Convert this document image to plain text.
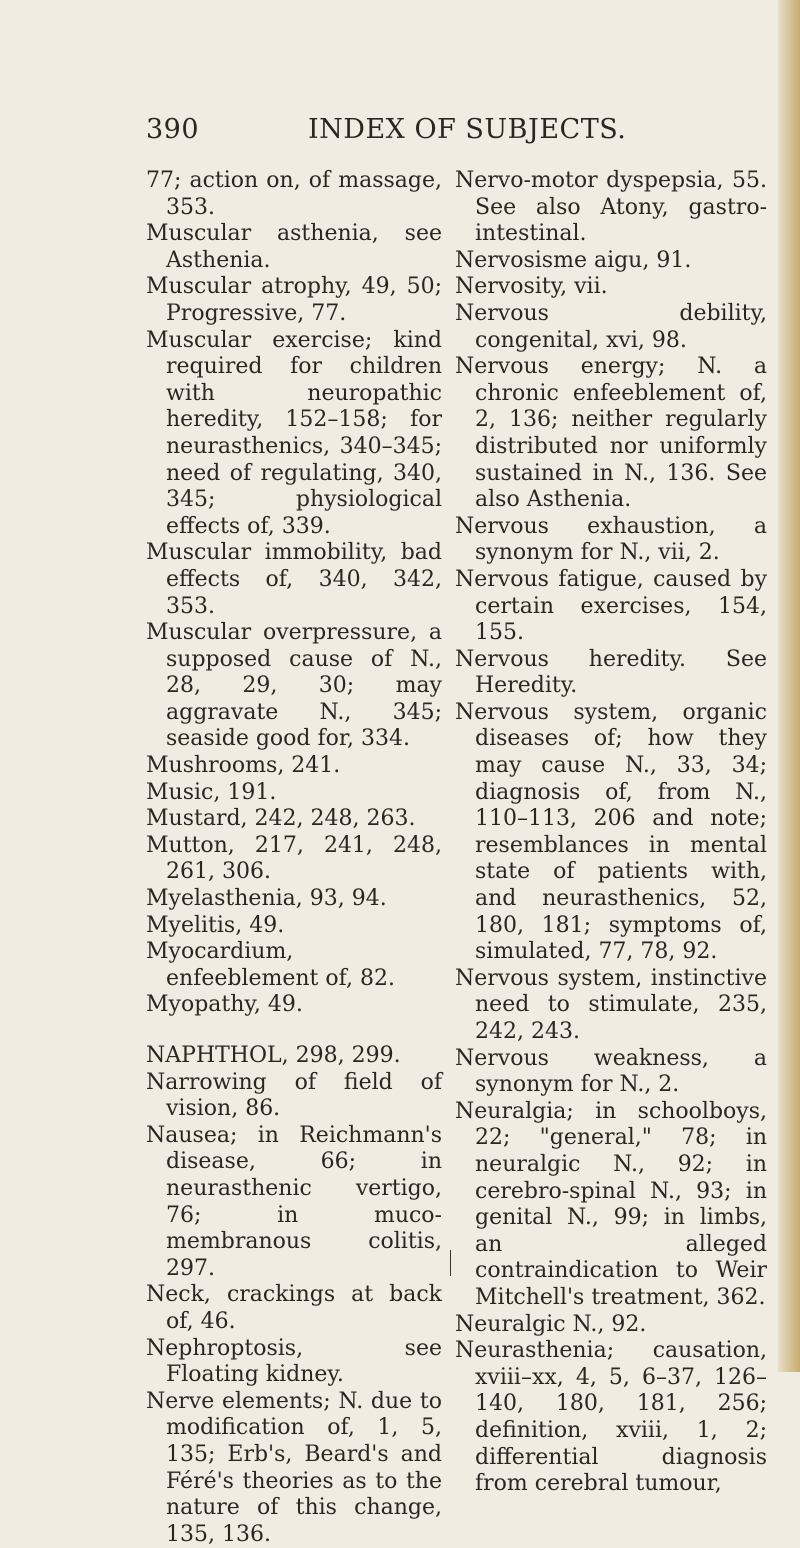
390	INDEX OF SUBJECTS.
77; action on, of massage, 353.
Muscular asthenia, see Asthenia.
Muscular atrophy, 49, 50; Progressive, 77.
Muscular exercise; kind required for children with neuropathic heredity, 152–158; for neurasthenics, 340–345; need of regulating, 340, 345; physiological effects of, 339.
Muscular immobility, bad effects of, 340, 342, 353.
Muscular overpressure, a supposed cause of N., 28, 29, 30; may aggravate N., 345; seaside good for, 334.
Mushrooms, 241.
Music, 191.
Mustard, 242, 248, 263.
Mutton, 217, 241, 248, 261, 306.
Myelasthenia, 93, 94.
Myelitis, 49.
Myocardium, enfeeblement of, 82.
Myopathy, 49.
NAPHTHOL, 298, 299.
Narrowing of field of vision, 86.
Nausea; in Reichmann's disease, 66; in neurasthenic vertigo, 76; in muco-membranous colitis, 297.
Neck, crackings at back of, 46.
Nephroptosis, see Floating kidney.
Nerve elements; N. due to modification of, 1, 5, 135; Erb's, Beard's and Féré's theories as to the nature of this change, 135, 136.
Nervo-motor dyspepsia, 55. See also Atony, gastro-intestinal.
Nervosisme aigu, 91.
Nervosity, vii.
Nervous debility, congenital, xvi, 98.
Nervous energy; N. a chronic enfeeblement of, 2, 136; neither regularly distributed nor uniformly sustained in N., 136. See also Asthenia.
Nervous exhaustion, a synonym for N., vii, 2.
Nervous fatigue, caused by certain exercises, 154, 155.
Nervous heredity. See Heredity.
Nervous system, organic diseases of; how they may cause N., 33, 34; diagnosis of, from N., 110–113, 206 and note; resemblances in mental state of patients with, and neurasthenics, 52, 180, 181; symptoms of, simulated, 77, 78, 92.
Nervous system, instinctive need to stimulate, 235, 242, 243.
Nervous weakness, a synonym for N., 2.
Neuralgia; in schoolboys, 22; "general," 78; in neuralgic N., 92; in cerebro-spinal N., 93; in genital N., 99; in limbs, an alleged contraindication to Weir Mitchell's treatment, 362.
Neuralgic N., 92.
Neurasthenia; causation, xviii–xx, 4, 5, 6–37, 126–140, 180, 181, 256; definition, xviii, 1, 2; differential diagnosis from cerebral tumour,
